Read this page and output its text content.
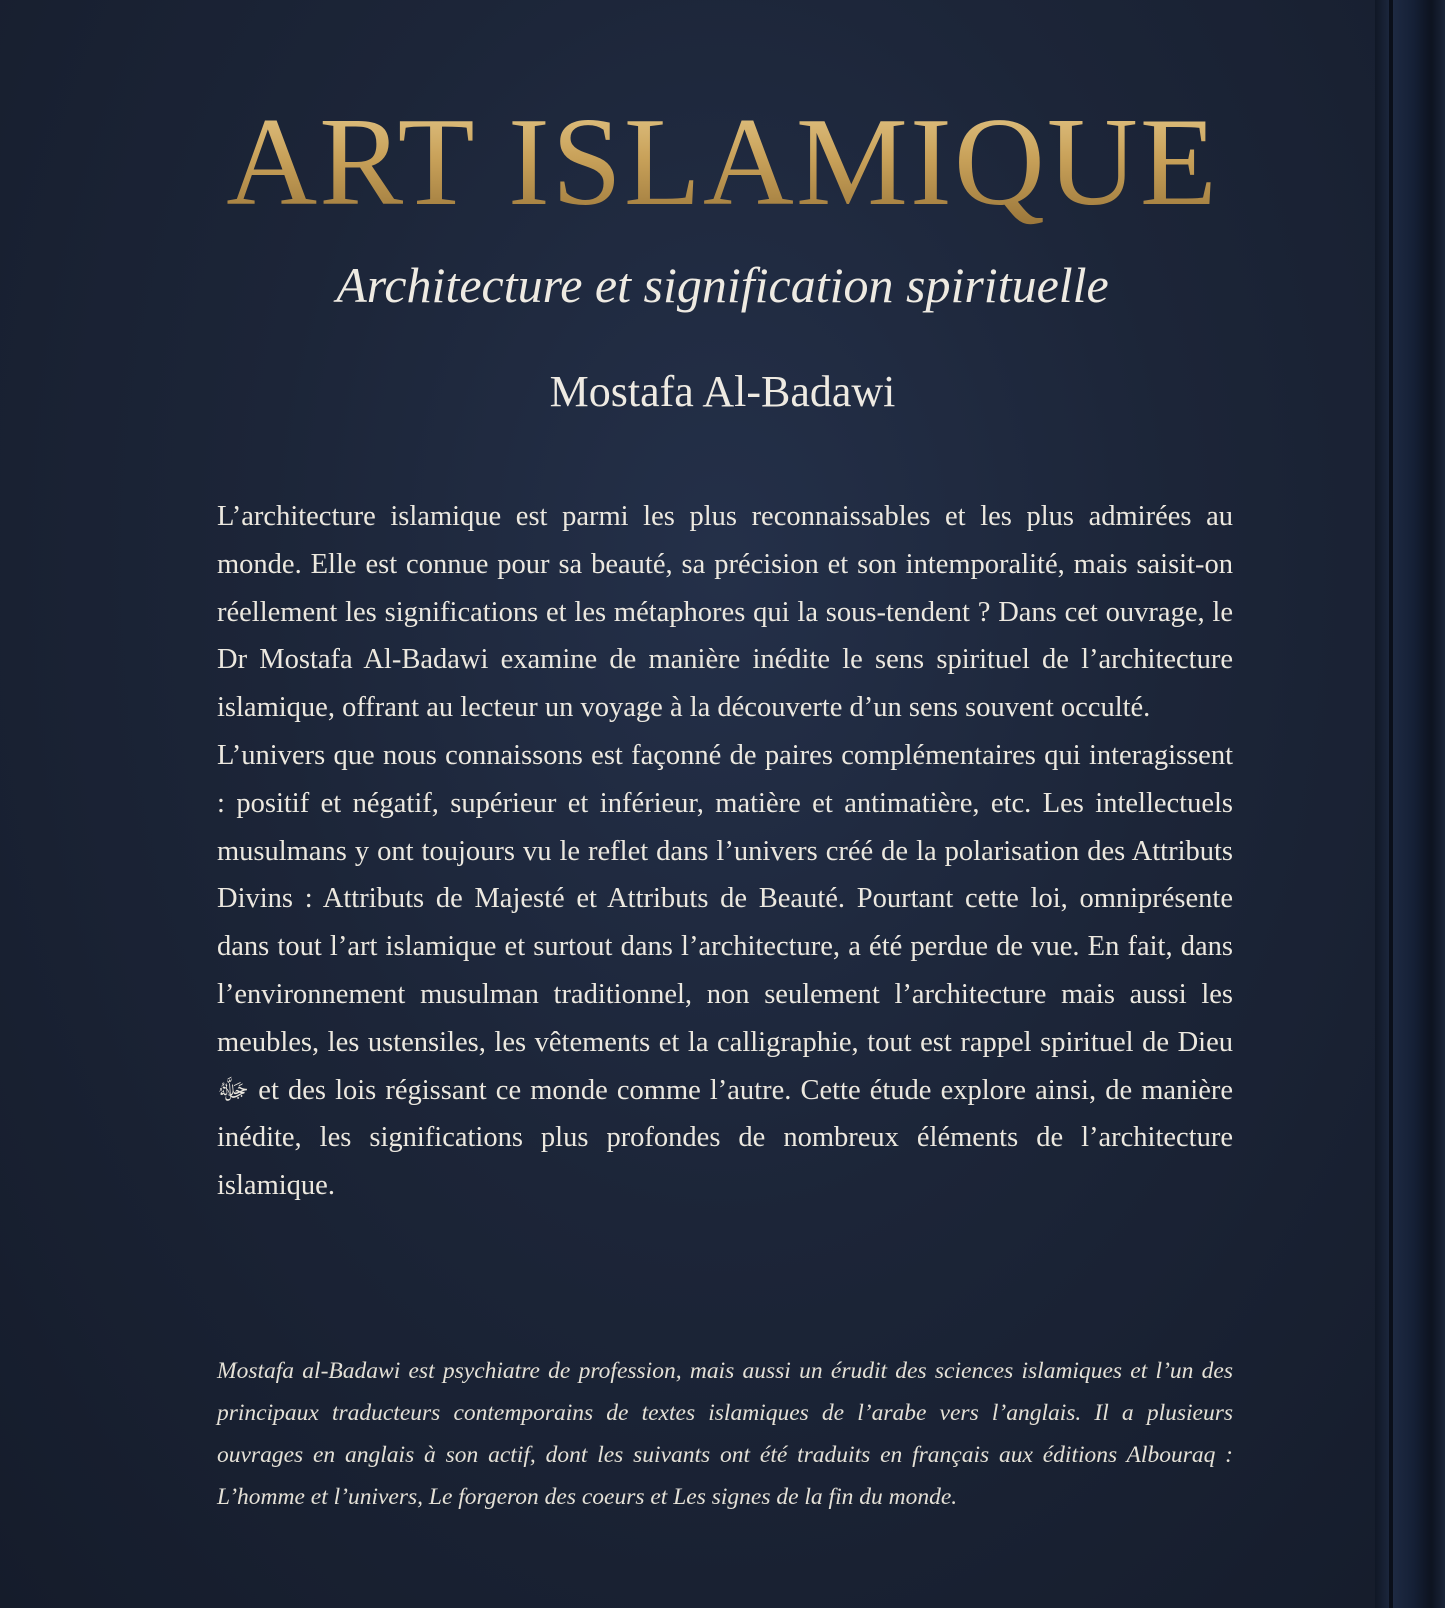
ART ISLAMIQUE
Architecture et signification spirituelle
Mostafa Al-Badawi

L’architecture islamique est parmi les plus reconnaissables et les plus admirées au monde. Elle est connue pour sa beauté, sa précision et son intemporalité, mais saisit-on réellement les significations et les métaphores qui la sous-tendent ? Dans cet ouvrage, le Dr Mostafa Al-Badawi examine de manière inédite le sens spirituel de l’architecture islamique, offrant au lecteur un voyage à la découverte d’un sens souvent occulté.

L’univers que nous connaissons est façonné de paires complémentaires qui interagissent : positif et négatif, supérieur et inférieur, matière et antimatière, etc. Les intellectuels musulmans y ont toujours vu le reflet dans l’univers créé de la polarisation des Attributs Divins : Attributs de Majesté et Attributs de Beauté. Pourtant cette loi, omniprésente dans tout l’art islamique et surtout dans l’architecture, a été perdue de vue. En fait, dans l’environnement musulman traditionnel, non seulement l’architecture mais aussi les meubles, les ustensiles, les vêtements et la calligraphie, tout est rappel spirituel de Dieu ﷻ et des lois régissant ce monde comme l’autre. Cette étude explore ainsi, de manière inédite, les significations plus profondes de nombreux éléments de l’architecture islamique.

Mostafa al-Badawi est psychiatre de profession, mais aussi un érudit des sciences islamiques et l’un des principaux traducteurs contemporains de textes islamiques de l’arabe vers l’anglais. Il a plusieurs ouvrages en anglais à son actif, dont les suivants ont été traduits en français aux éditions Albouraq : L’homme et l’univers, Le forgeron des coeurs et Les signes de la fin du monde.
